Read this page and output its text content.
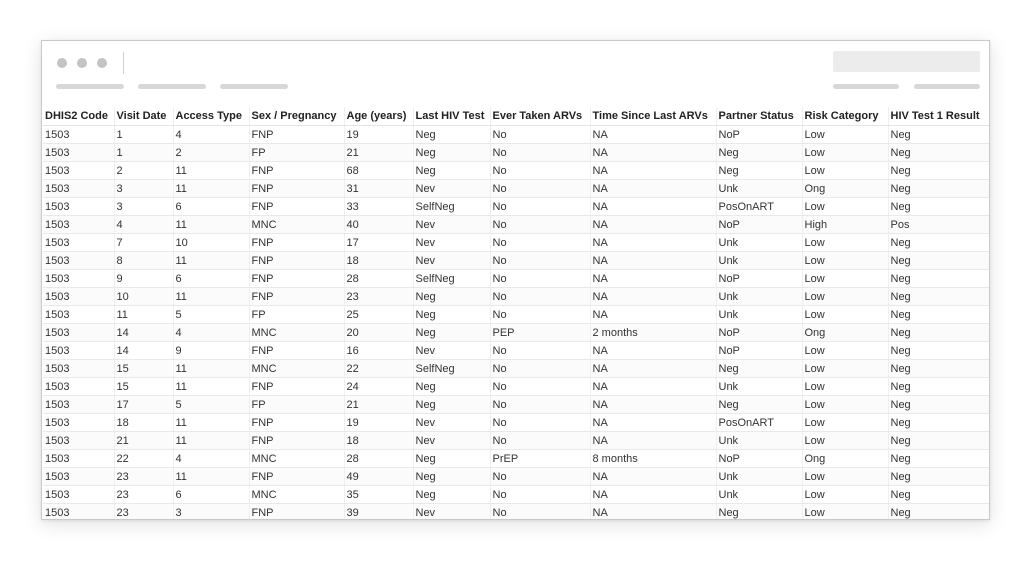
DHIS2 Code	Visit Date	Access Type	Sex / Pregnancy	Age (years)	Last HIV Test	Ever Taken ARVs	Time Since Last ARVs	Partner Status	Risk Category	HIV Test 1 Result
1503	1	4	FNP	19	Neg	No	NA	NoP	Low	Neg
1503	1	2	FP	21	Neg	No	NA	Neg	Low	Neg
1503	2	11	FNP	68	Neg	No	NA	Neg	Low	Neg
1503	3	11	FNP	31	Nev	No	NA	Unk	Ong	Neg
1503	3	6	FNP	33	SelfNeg	No	NA	PosOnART	Low	Neg
1503	4	11	MNC	40	Nev	No	NA	NoP	High	Pos
1503	7	10	FNP	17	Nev	No	NA	Unk	Low	Neg
1503	8	11	FNP	18	Nev	No	NA	Unk	Low	Neg
1503	9	6	FNP	28	SelfNeg	No	NA	NoP	Low	Neg
1503	10	11	FNP	23	Neg	No	NA	Unk	Low	Neg
1503	11	5	FP	25	Neg	No	NA	Unk	Low	Neg
1503	14	4	MNC	20	Neg	PEP	2 months	NoP	Ong	Neg
1503	14	9	FNP	16	Nev	No	NA	NoP	Low	Neg
1503	15	11	MNC	22	SelfNeg	No	NA	Neg	Low	Neg
1503	15	11	FNP	24	Neg	No	NA	Unk	Low	Neg
1503	17	5	FP	21	Neg	No	NA	Neg	Low	Neg
1503	18	11	FNP	19	Nev	No	NA	PosOnART	Low	Neg
1503	21	11	FNP	18	Nev	No	NA	Unk	Low	Neg
1503	22	4	MNC	28	Neg	PrEP	8 months	NoP	Ong	Neg
1503	23	11	FNP	49	Neg	No	NA	Unk	Low	Neg
1503	23	6	MNC	35	Neg	No	NA	Unk	Low	Neg
1503	23	3	FNP	39	Nev	No	NA	Neg	Low	Neg
